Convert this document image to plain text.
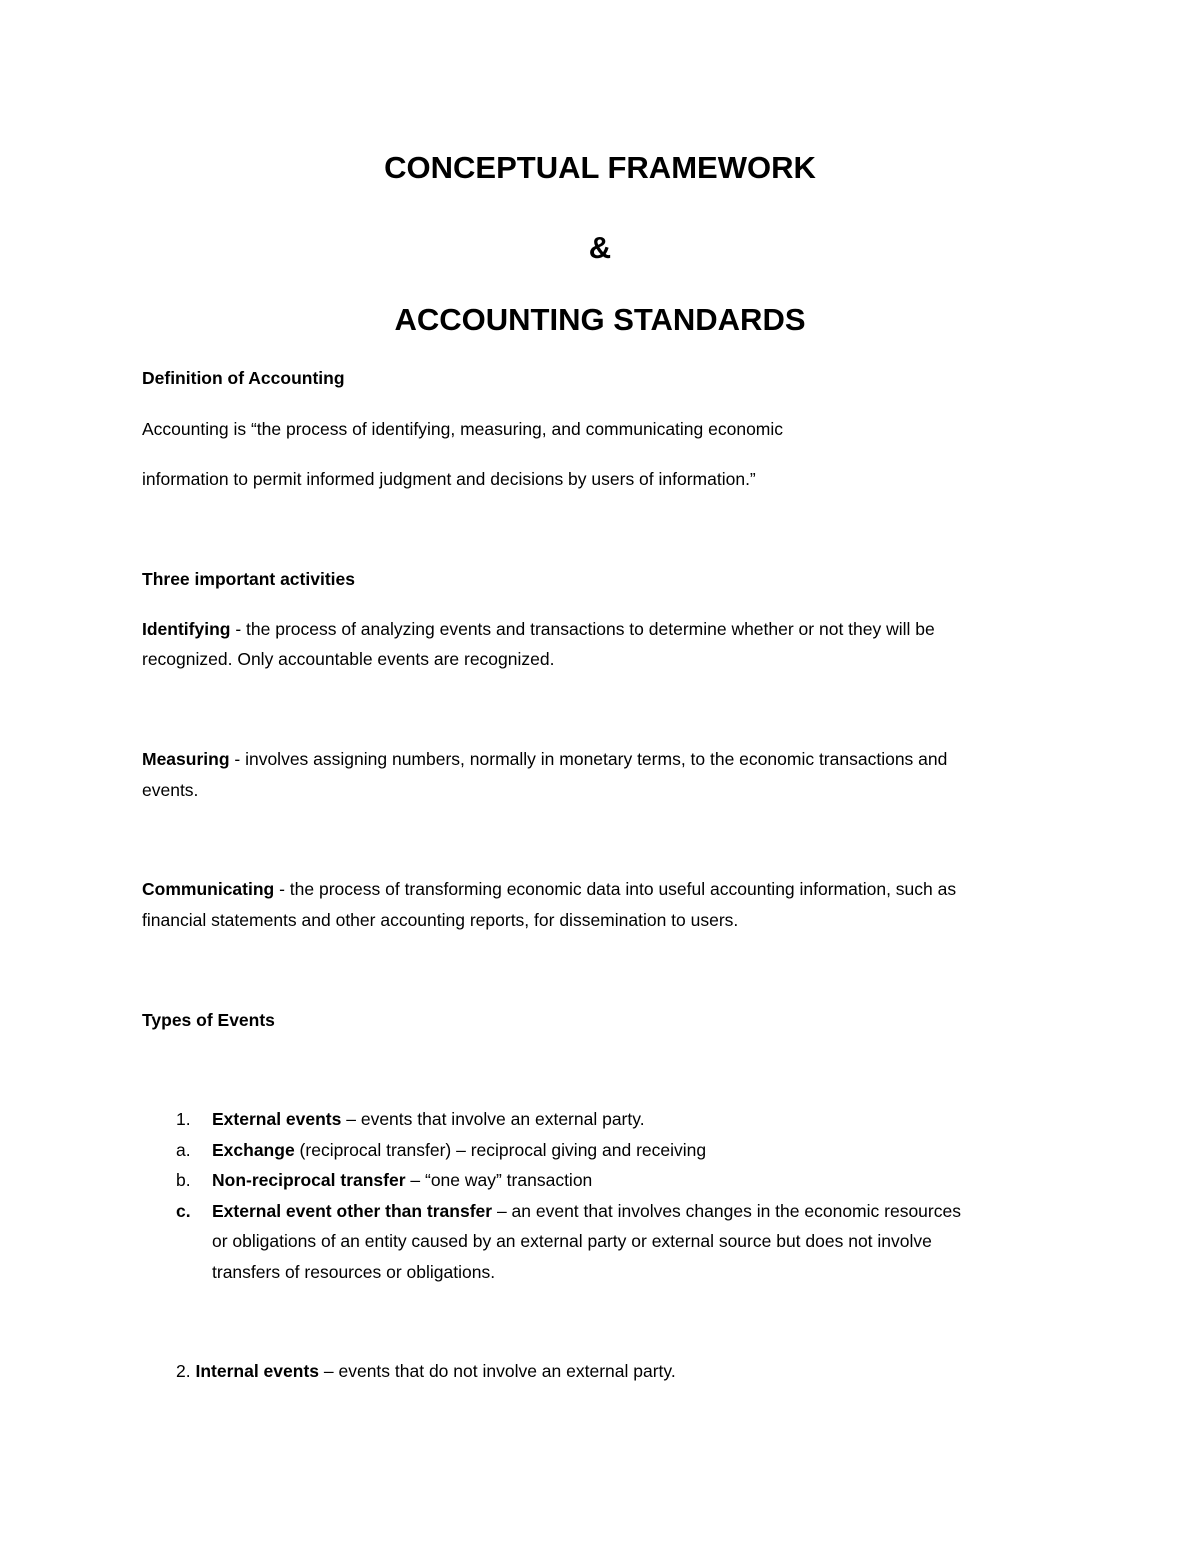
CONCEPTUAL FRAMEWORK
&
ACCOUNTING STANDARDS

Definition of Accounting

Accounting is “the process of identifying, measuring, and communicating economic

information to permit informed judgment and decisions by users of information.”

Three important activities

Identifying - the process of analyzing events and transactions to determine whether or not they will be

recognized. Only accountable events are recognized.

Measuring - involves assigning numbers, normally in monetary terms, to the economic transactions and

events.

Communicating - the process of transforming economic data into useful accounting information, such as

financial statements and other accounting reports, for dissemination to users.

Types of Events

1. External events – events that involve an external party.

a. Exchange (reciprocal transfer) – reciprocal giving and receiving

b. Non-reciprocal transfer – “one way” transaction

c. External event other than transfer – an event that involves changes in the economic resources

or obligations of an entity caused by an external party or external source but does not involve

transfers of resources or obligations.

2. Internal events – events that do not involve an external party.
